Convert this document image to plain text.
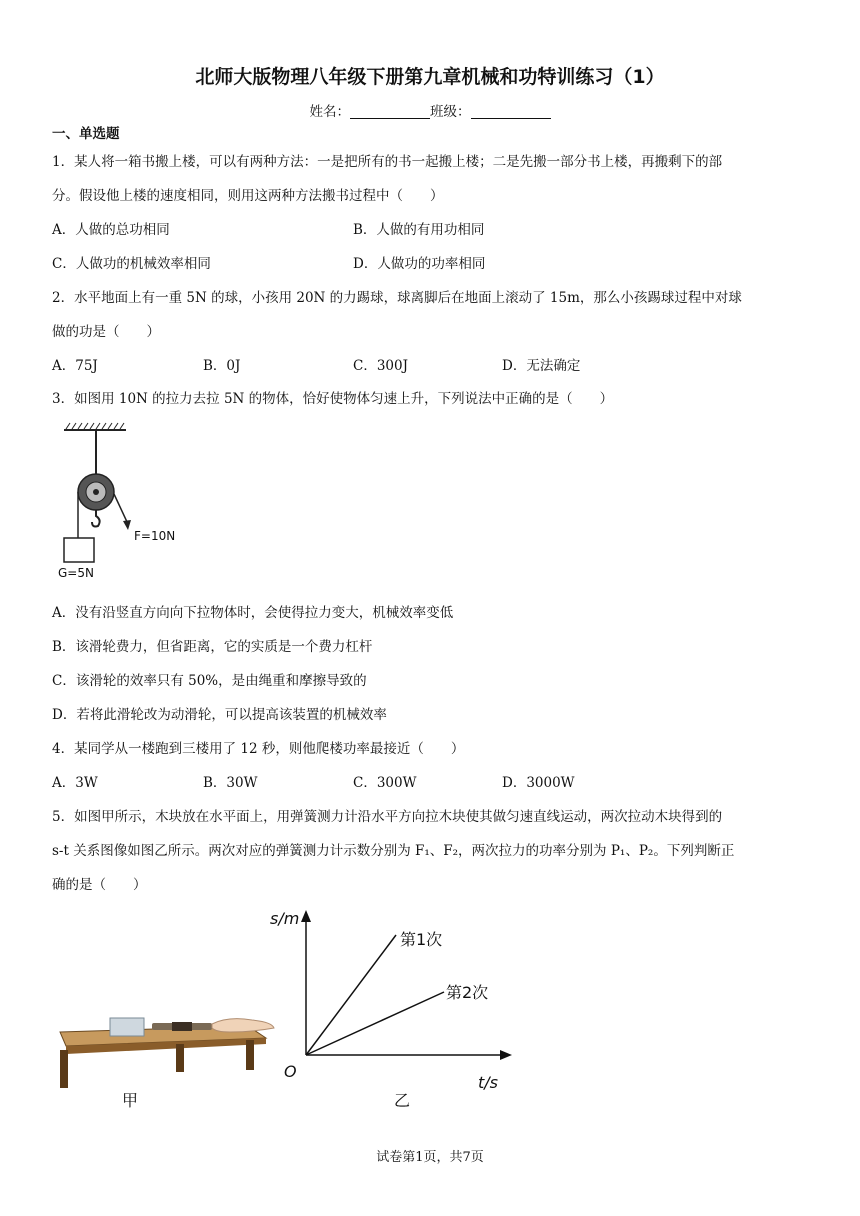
北师大版物理八年级下册第九章机械和功特训练习（1）
姓名：	班级：
一、单选题
1．某人将一箱书搬上楼，可以有两种方法：一是把所有的书一起搬上楼；二是先搬一部分书上楼，再搬剩下的部
分。假设他上楼的速度相同，则用这两种方法搬书过程中（　　）
A．人做的总功相同	B．人做的有用功相同
C．人做功的机械效率相同	D．人做功的功率相同
2．水平地面上有一重 5N 的球，小孩用 20N 的力踢球，球离脚后在地面上滚动了 15m，那么小孩踢球过程中对球
做的功是（　　）
A．75J	B．0J	C．300J	D．无法确定
3．如图用 10N 的拉力去拉 5N 的物体，恰好使物体匀速上升，下列说法中正确的是（　　）
F=10N
G=5N
A．没有沿竖直方向向下拉物体时，会使得拉力变大，机械效率变低
B．该滑轮费力，但省距离，它的实质是一个费力杠杆
C．该滑轮的效率只有 50%，是由绳重和摩擦导致的
D．若将此滑轮改为动滑轮，可以提高该装置的机械效率
4．某同学从一楼跑到三楼用了 12 秒，则他爬楼功率最接近（　　）
A．3W	B．30W	C．300W	D．3000W
5．如图甲所示，木块放在水平面上，用弹簧测力计沿水平方向拉木块使其做匀速直线运动，两次拉动木块得到的
s-t 关系图像如图乙所示。两次对应的弹簧测力计示数分别为 F₁、F₂，两次拉力的功率分别为 P₁、P₂。下列判断正
确的是（　　）
甲
s/m
t/s
O
第1次
第2次
乙
试卷第1页，共7页
